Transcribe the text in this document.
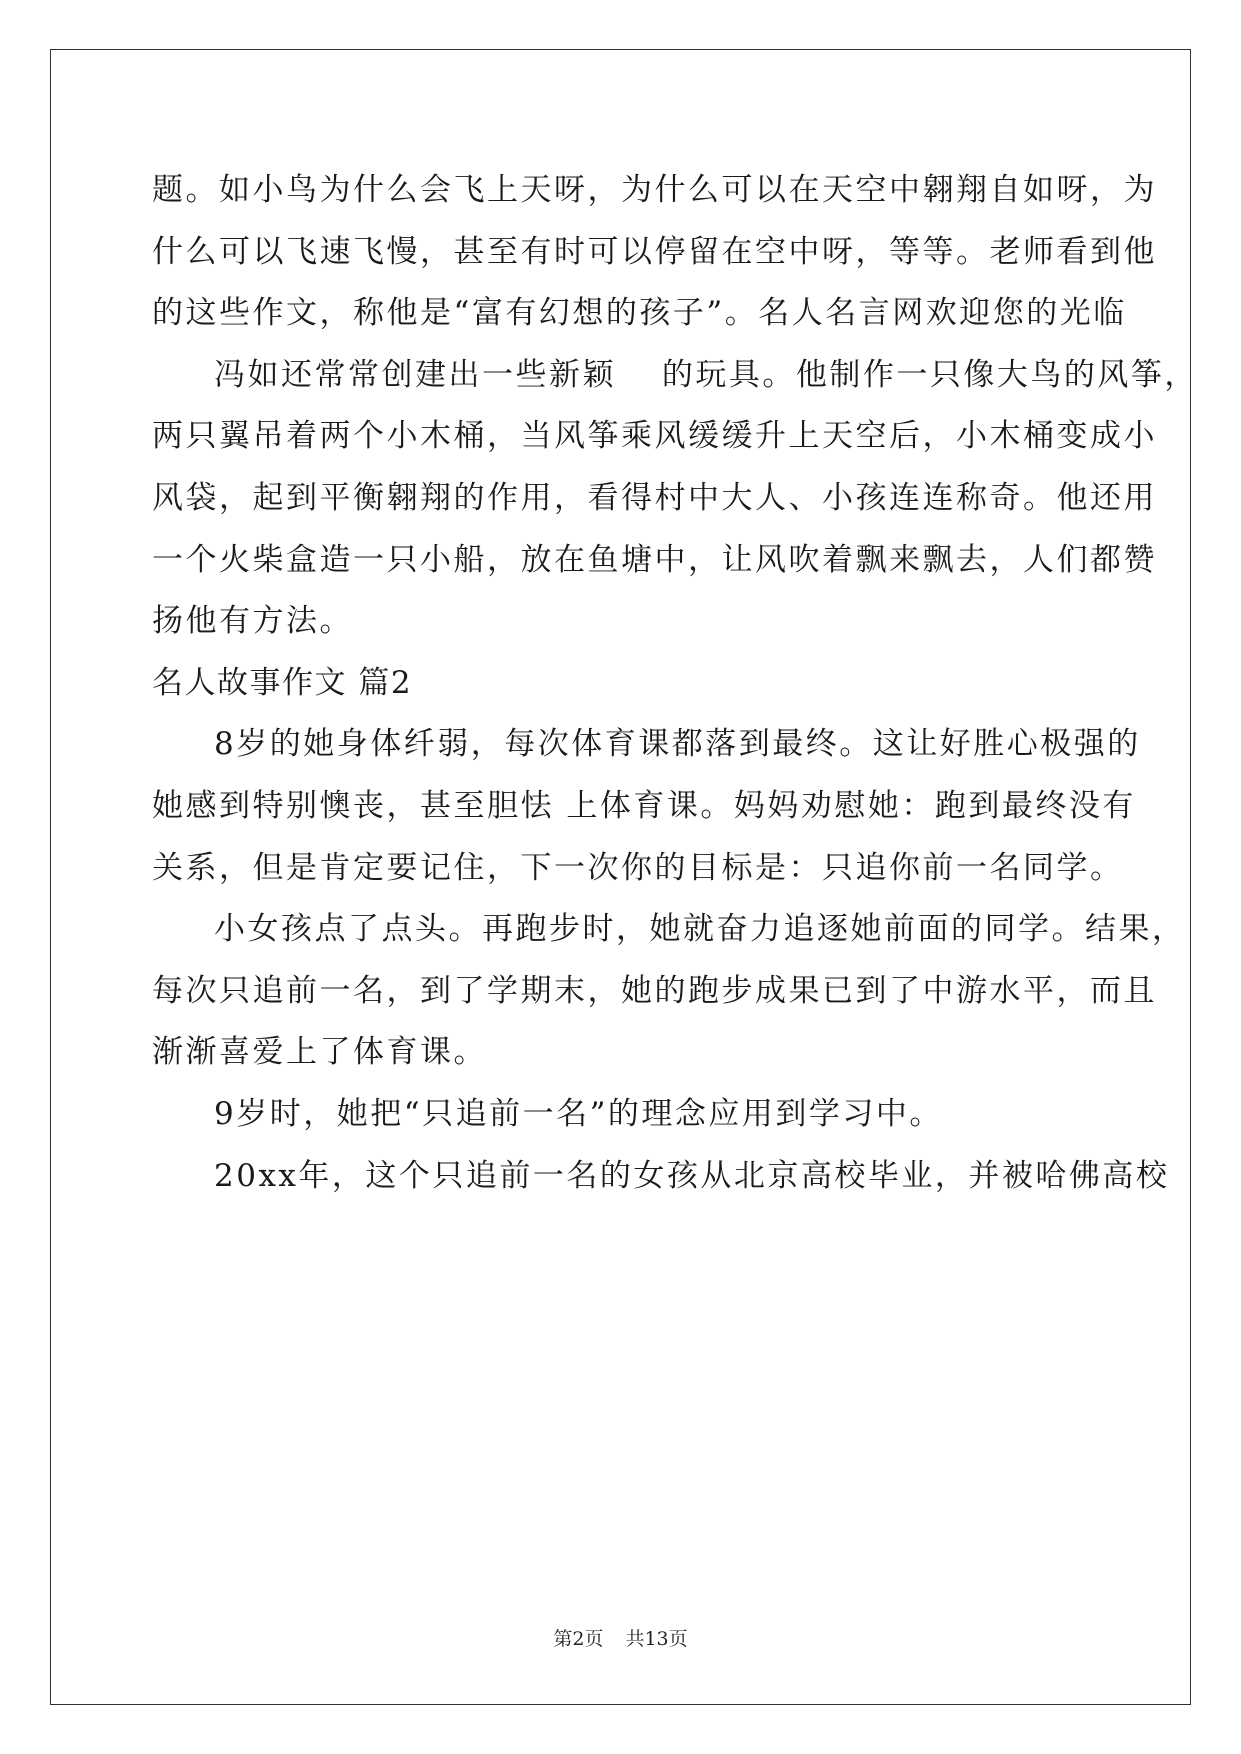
题。如小鸟为什么会飞上天呀，为什么可以在天空中翱翔自如呀，为
什么可以飞速飞慢，甚至有时可以停留在空中呀，等等。老师看到他
的这些作文，称他是“富有幻想的孩子”。名人名言网欢迎您的光临
冯如还常常创建出一些新颖　 的玩具。他制作一只像大鸟的风筝，
两只翼吊着两个小木桶，当风筝乘风缓缓升上天空后，小木桶变成小
风袋，起到平衡翱翔的作用，看得村中大人、小孩连连称奇。他还用
一个火柴盒造一只小船，放在鱼塘中，让风吹着飘来飘去，人们都赞
扬他有方法。
名人故事作文 篇2
8岁的她身体纤弱，每次体育课都落到最终。这让好胜心极强的
她感到特别懊丧，甚至胆怯 上体育课。妈妈劝慰她：跑到最终没有
关系，但是肯定要记住，下一次你的目标是：只追你前一名同学。
小女孩点了点头。再跑步时，她就奋力追逐她前面的同学。结果，
每次只追前一名，到了学期末，她的跑步成果已到了中游水平，而且
渐渐喜爱上了体育课。
9岁时，她把“只追前一名”的理念应用到学习中。
20xx年，这个只追前一名的女孩从北京高校毕业，并被哈佛高校
第2页 共13页
